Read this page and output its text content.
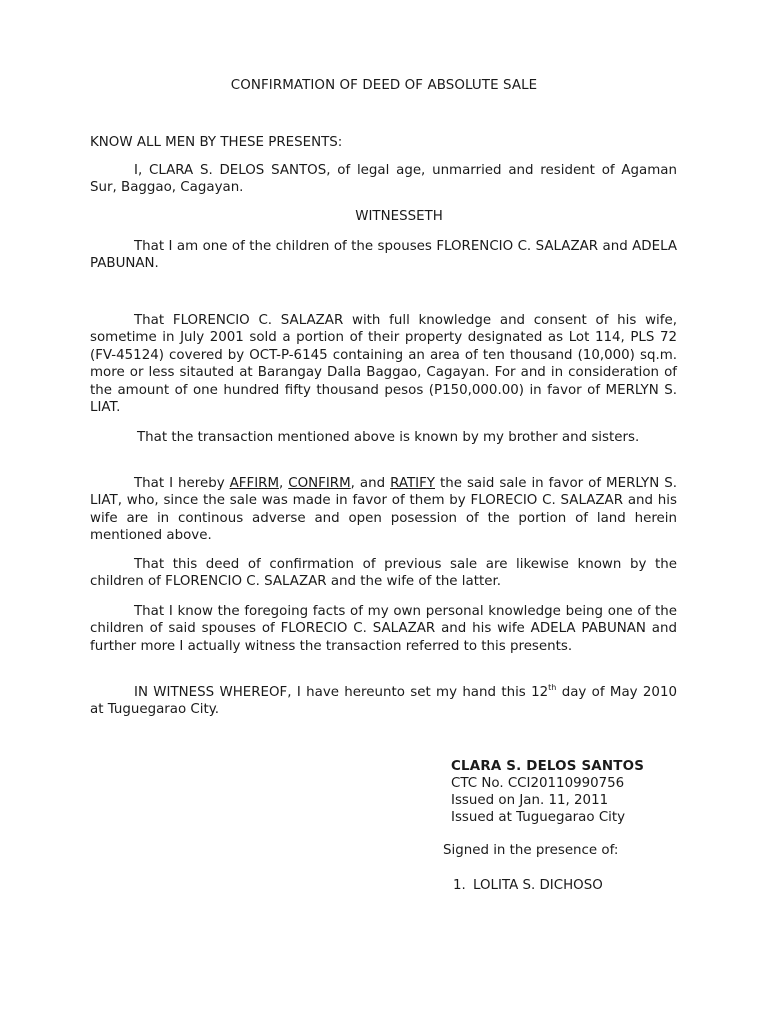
CONFIRMATION OF DEED OF ABSOLUTE SALE
KNOW ALL MEN BY THESE PRESENTS:

I, CLARA S. DELOS SANTOS, of legal age, unmarried and resident of Agaman Sur, Baggao, Cagayan.

WITNESSETH

That I am one of the children of the spouses FLORENCIO C. SALAZAR and ADELA PABUNAN.

That FLORENCIO C. SALAZAR with full knowledge and consent of his wife, sometime in July 2001 sold a portion of their property designated as Lot 114, PLS 72 (FV-45124) covered by OCT-P-6145 containing an area of ten thousand (10,000) sq.m. more or less sitauted at Barangay Dalla Baggao, Cagayan. For and in consideration of the amount of one hundred fifty thousand pesos (P150,000.00) in favor of MERLYN S. LIAT.

That the transaction mentioned above is known by my brother and sisters.

That I hereby AFFIRM, CONFIRM, and RATIFY the said sale in favor of MERLYN S. LIAT, who, since the sale was made in favor of them by FLORECIO C. SALAZAR and his wife are in continous adverse and open posession of the portion of land herein mentioned above.

That this deed of confirmation of previous sale are likewise known by the children of FLORENCIO C. SALAZAR and the wife of the latter.

That I know the foregoing facts of my own personal knowledge being one of the children of said spouses of FLORECIO C. SALAZAR and his wife ADELA PABUNAN and further more I actually witness the transaction referred to this presents.

IN WITNESS WHEREOF, I have hereunto set my hand this 12th day of May 2010 at Tuguegarao City.

CLARA S. DELOS SANTOS
CTC No. CCI20110990756
Issued on Jan. 11, 2011
Issued at Tuguegarao City
Signed in the presence of:
1. LOLITA S. DICHOSO
